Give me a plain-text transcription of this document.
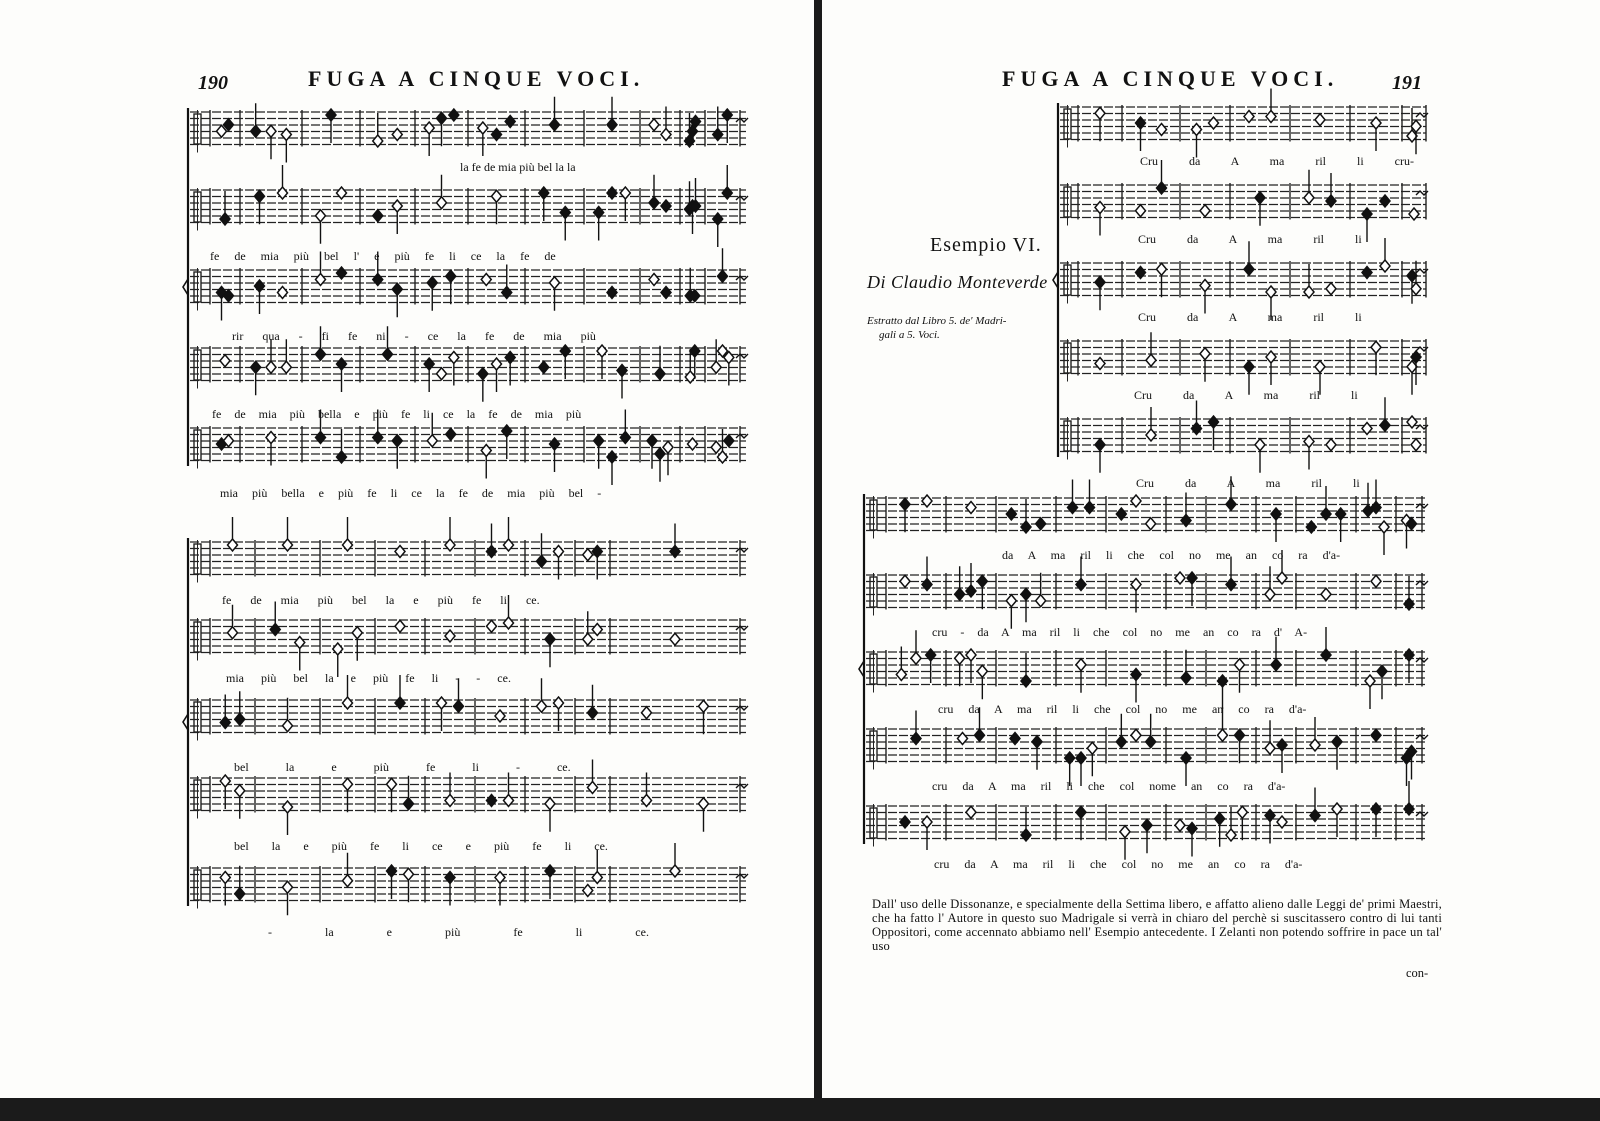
190	FUGA A CINQUE VOCI.
la fe de mia più bel la la
fe de mia più bel l' e più fe li ce la fe de
rir qua - fi fe ni - ce la fe de mia più
fe de mia più bella e più fe li ce la fe de mia più
mia più bella e più fe li ce la fe de mia più bel -
fe de mia più bel la e più fe li ce.
mia più bel la e più fe li - - ce.
bel la e più fe li - ce.
bel la e più fe li ce e più fe li ce.
- la e più fe li ce.
FUGA A CINQUE VOCI.	191
Esempio VI.
Di Claudio Monteverde
Estratto dal Libro 5. de' Madri-
gali a 5. Voci.
Cru da A ma ril li cru-
Cru da A ma ril li
Cru da A ma ril li
Cru da A ma ril li
Cru da A ma ril li
da A ma ril li che col no me an co ra d'a-
cru - da A ma ril li che col no me an co ra d' A-
cru da A ma ril li che col no me an co ra d'a-
cru da A ma ril li che col nome an co ra d'a-
cru da A ma ril li che col no me an co ra d'a-
Dall' uso delle Dissonanze, e specialmente della Settima libero, e affatto alieno dalle Leggi de' primi Maestri, che ha fatto l' Autore in questo suo Madrigale si verrà in chiaro del perchè si suscitassero contro di lui tanti Oppositori, come accennato abbiamo nell' Esempio antecedente. I Zelanti non potendo soffrire in pace un tal' uso
con-
